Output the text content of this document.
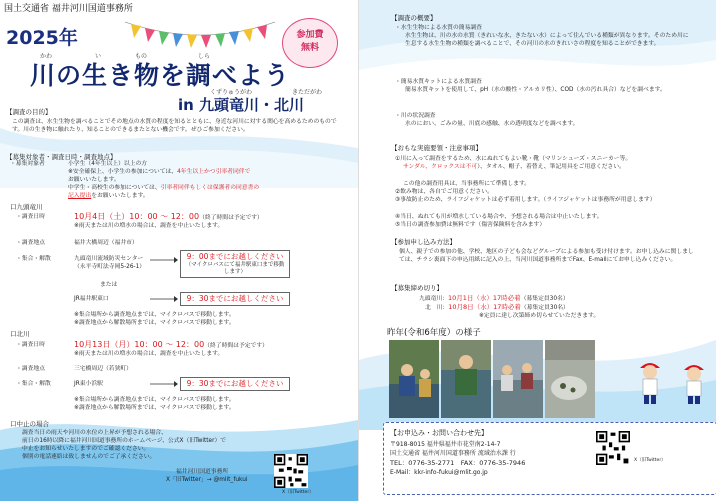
国土交通省 福井河川国道事務所
2025年	参加費
無料
かわ	い	もの	しら
川の生き物を調べよう
くずりゅうがわ	きただがわ
in 九頭竜川・北川
【調査の目的】
この調査は、水生生物を調べることでその地点の水質の程度を知るとともに、身近な河川に対する関心を高めるためのものです。川の生き物に触れたり、知ることのできるまたとない機会です。ぜひご参加ください。
【募集対象者・調査日時・調査地点】
・募集対象者	小学生（4年生以上）以上の方
※安全確保上、小学生の参加については、4年生以上かつ引率者同伴で
お願いいたします。
中学生・高校生の参加については、引率者同伴もしくは保護者の同意書の
記入提出をお願いいたします。
口九頭竜川
・調査日時	10月4日（土）10：00 ～ 12：00（終了時間は予定です）
※雨天または川の増水の場合は、調査を中止いたします。
・調査地点	福井大橋周辺（福井市）
・集合・解散	九頭竜川流域防災センター
（永平寺町法寺岡5-26-1）
9：00までにお越しください
（マイクロバスにて福井駅東口まで移動します）
または
JR福井駅東口	9：30までにお越しください
※集合場所から調査地点までは、マイクロバスで移動します。
※調査地点から解散場所までは、マイクロバスで移動します。
口北川
・調査日時	10月13日（月）10：00 ～ 12：00（終了時間は予定です）
※雨天または川の増水の場合は、調査を中止いたします。
・調査地点	三宅橋周辺（若狭町）
・集合・解散	JR東小浜駅	9：30までにお越しください
※集合場所から調査地点までは、マイクロバスで移動します。
※調査地点から解散場所までは、マイクロバスで移動します。
口中止の場合
調査当日の雨天や河川の水位の上昇が予想される場合、
前日の16時以降に福井河川国道事務所のホームページ、公式X（旧Twitter）で
中止をお知らせいたしますのでご確認ください。
個別の電話連絡は致しませんのでご了承ください。
福井河川国道事務所
X「旧Twitter」→ @mlit_fukui
X（旧Twitter）
【調査の概要】
・水生生物による水質の簡易調査
水生生物は、川の水の水質（きれいな水、きたない水）によって住んでいる種類が異なります。そのため川に生息する水生生物の種類を調べることで、その河川の水のきれいさの程度を知ることができます。
・簡易水質キットによる水質調査
簡易水質キットを使用して、pH（水の酸性・アルカリ性）、COD（水の汚れ具合）などを調べます。
・川の状況調査
水のにおい、ごみの量、川底の感触、水の透明度などを調べます。
【おもな実施要領・注意事項】
①川に入って調査をするため、水にぬれてもよい靴・靴（マリンシューズ・スニーカー等。
サンダル、クロックスは不可）、タオル、帽子、着替え、筆記用具をご用意ください。
この他の調査用具は、当事務所にて準備します。
②飲み物は、各自でご用意ください。
③事故防止のため、ライフジャケットは必ず着用します。（ライフジャケットは事務所が用意します）
④当日、ぬれても川が増水している場合や、予想される場合は中止いたします。
⑤当日の調査参加費は無料です（傷害保険料を含みます）
【参加申し込み方法】
個人、親子での参加の他、学校、地区の子ども会などグループによる参加も受け付けます。お申し込みに関しましては、チラシ裏面下の申込用紙に記入の上、当河川国道事務所までFax、E-mailにてお申し込みください。
【募集締め切り】
九頭竜川：10月1日（水）17時必着（募集定員30名）
北　川：10月8日（水）17時必着（募集定員30名）
※定員に達し次第締め切らせていただきます。
昨年(令和6年度）の様子
【お申込み・お問い合わせ先】
〒918-8015 福井県福井市花堂南2-14-7
国土交通省 福井河川国道事務所 流域治水課 行
TEL：0776-35-2771　FAX：0776-35-7946
E-Mail：kkr-info-fukui@mlit.go.jp
X（旧Twitter）
